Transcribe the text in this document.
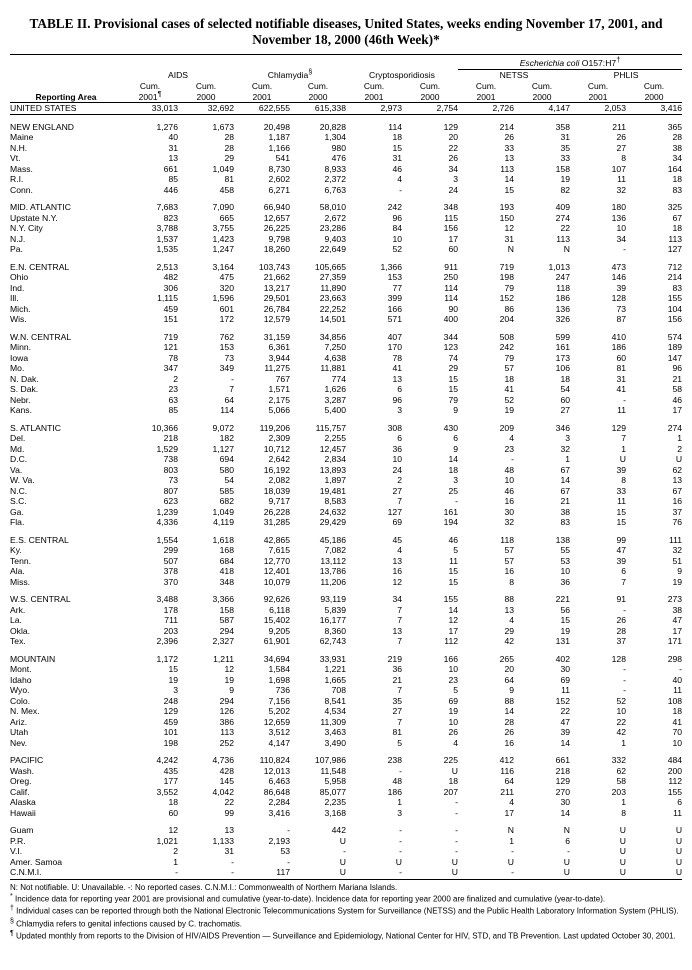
TABLE II. Provisional cases of selected notifiable diseases, United States, weeks ending November 17, 2001, and November 18, 2000 (46th Week)*
							Escherichia coli O157:H7†			
	AIDS		Chlamydia§		Cryptosporidiosis		NETSS		PHLIS	
	Cum.	Cum.	Cum.	Cum.	Cum.	Cum.	Cum.	Cum.	Cum.	Cum.
Reporting Area	2001¶	2000	2001	2000	2001	2000	2001	2000	2001	2000
UNITED STATES	33,013	32,692	622,555	615,338	2,973	2,754	2,726	4,147	2,053	3,416

NEW ENGLAND	1,276	1,673	20,498	20,828	114	129	214	358	211	365
Maine	40	28	1,187	1,304	18	20	26	31	26	28
N.H.	31	28	1,166	980	15	22	33	35	27	38
Vt.	13	29	541	476	31	26	13	33	8	34
Mass.	661	1,049	8,730	8,933	46	34	113	158	107	164
R.I.	85	81	2,602	2,372	4	3	14	19	11	18
Conn.	446	458	6,271	6,763	-	24	15	82	32	83

MID. ATLANTIC	7,683	7,090	66,940	58,010	242	348	193	409	180	325
Upstate N.Y.	823	665	12,657	2,672	96	115	150	274	136	67
N.Y. City	3,788	3,755	26,225	23,286	84	156	12	22	10	18
N.J.	1,537	1,423	9,798	9,403	10	17	31	113	34	113
Pa.	1,535	1,247	18,260	22,649	52	60	N	N	-	127

E.N. CENTRAL	2,513	3,164	103,743	105,665	1,366	911	719	1,013	473	712
Ohio	482	475	21,662	27,359	153	250	198	247	146	214
Ind.	306	320	13,217	11,890	77	114	79	118	39	83
Ill.	1,115	1,596	29,501	23,663	399	114	152	186	128	155
Mich.	459	601	26,784	22,252	166	90	86	136	73	104
Wis.	151	172	12,579	14,501	571	400	204	326	87	156

W.N. CENTRAL	719	762	31,159	34,856	407	344	508	599	410	574
Minn.	121	153	6,361	7,250	170	123	242	161	186	189
Iowa	78	73	3,944	4,638	78	74	79	173	60	147
Mo.	347	349	11,275	11,881	41	29	57	106	81	96
N. Dak.	2	-	767	774	13	15	18	18	31	21
S. Dak.	23	7	1,571	1,626	6	15	41	54	41	58
Nebr.	63	64	2,175	3,287	96	79	52	60	-	46
Kans.	85	114	5,066	5,400	3	9	19	27	11	17

S. ATLANTIC	10,366	9,072	119,206	115,757	308	430	209	346	129	274
Del.	218	182	2,309	2,255	6	6	4	3	7	1
Md.	1,529	1,127	10,712	12,457	36	9	23	32	1	2
D.C.	738	694	2,642	2,834	10	14	-	1	U	U
Va.	803	580	16,192	13,893	24	18	48	67	39	62
W. Va.	73	54	2,082	1,897	2	3	10	14	8	13
N.C.	807	585	18,039	19,481	27	25	46	67	33	67
S.C.	623	682	9,717	8,583	7	-	16	21	11	16
Ga.	1,239	1,049	26,228	24,632	127	161	30	38	15	37
Fla.	4,336	4,119	31,285	29,429	69	194	32	83	15	76

E.S. CENTRAL	1,554	1,618	42,865	45,186	45	46	118	138	99	111
Ky.	299	168	7,615	7,082	4	5	57	55	47	32
Tenn.	507	684	12,770	13,112	13	11	57	53	39	51
Ala.	378	418	12,401	13,786	16	15	16	10	6	9
Miss.	370	348	10,079	11,206	12	15	8	36	7	19

W.S. CENTRAL	3,488	3,366	92,626	93,119	34	155	88	221	91	273
Ark.	178	158	6,118	5,839	7	14	13	56	-	38
La.	711	587	15,402	16,177	7	12	4	15	26	47
Okla.	203	294	9,205	8,360	13	17	29	19	28	17
Tex.	2,396	2,327	61,901	62,743	7	112	42	131	37	171

MOUNTAIN	1,172	1,211	34,694	33,931	219	166	265	402	128	298
Mont.	15	12	1,584	1,221	36	10	20	30	-	-
Idaho	19	19	1,698	1,665	21	23	64	69	-	40
Wyo.	3	9	736	708	7	5	9	11	-	11
Colo.	248	294	7,156	8,541	35	69	88	152	52	108
N. Mex.	129	126	5,202	4,534	27	19	14	22	10	18
Ariz.	459	386	12,659	11,309	7	10	28	47	22	41
Utah	101	113	3,512	3,463	81	26	26	39	42	70
Nev.	198	252	4,147	3,490	5	4	16	14	1	10

PACIFIC	4,242	4,736	110,824	107,986	238	225	412	661	332	484
Wash.	435	428	12,013	11,548	-	U	116	218	62	200
Oreg.	177	145	6,463	5,958	48	18	64	129	58	112
Calif.	3,552	4,042	86,648	85,077	186	207	211	270	203	155
Alaska	18	22	2,284	2,235	1	-	4	30	1	6
Hawaii	60	99	3,416	3,168	3	-	17	14	8	11

Guam	12	13	-	442	-	-	N	N	U	U
P.R.	1,021	1,133	2,193	U	-	-	1	6	U	U
V.I.	2	31	53	-	-	-	-	-	U	U
Amer. Samoa	1	-	-	U	U	U	U	U	U	U
C.N.M.I.	-	-	117	U	-	U	-	U	U	U
N: Not notifiable. U: Unavailable. -: No reported cases. C.N.M.I.: Commonwealth of Northern Mariana Islands.
* Incidence data for reporting year 2001 are provisional and cumulative (year-to-date). Incidence data for reporting year 2000 are finalized and cumulative (year-to-date).
† Individual cases can be reported through both the National Electronic Telecommunications System for Surveillance (NETSS) and the Public Health Laboratory Information System (PHLIS).
§ Chlamydia refers to genital infections caused by C. trachomatis.
¶ Updated monthly from reports to the Division of HIV/AIDS Prevention — Surveillance and Epidemiology, National Center for HIV, STD, and TB Prevention. Last updated October 30, 2001.
